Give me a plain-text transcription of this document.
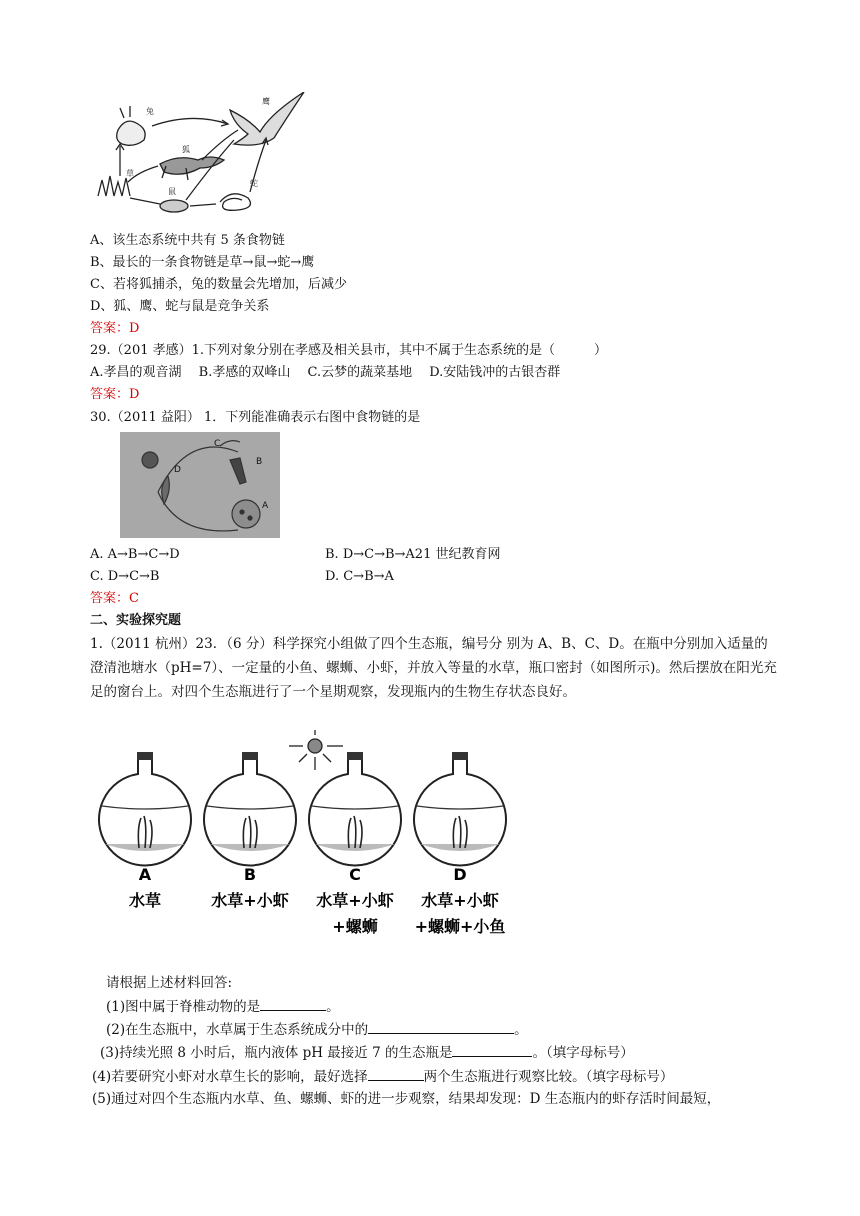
兔
鹰
狐
草
鼠
蛇
A、该生态系统中共有 5 条食物链
B、最长的一条食物链是草→鼠→蛇→鹰
C、若将狐捕杀，兔的数量会先增加，后减少
D、狐、鹰、蛇与鼠是竞争关系
答案：D
29.（201 孝感）1.下列对象分别在孝感及相关县市，其中不属于生态系统的是（　　　）
A.孝昌的观音湖　 B.孝感的双峰山　 C.云梦的蔬菜基地　 D.安陆钱冲的古银杏群
答案：D
30.（2011 益阳） 1．下列能准确表示右图中食物链的是
C
B
D
A
A. A→B→C→D	B. D→C→B→A21 世纪教育网
C. D→C→B	D. C→B→A
答案：C
二、实验探究题
1.（2011 杭州）23．（6 分）科学探究小组做了四个生态瓶，编号分 别为 A、B、C、D。在瓶中分别加入适量的澄清池塘水（pH=7）、一定量的小鱼、螺蛳、小虾，并放入等量的水草，瓶口密封（如图所示)。然后摆放在阳光充足的窗台上。对四个生态瓶进行了一个星期观察，发现瓶内的生物生存状态良好。
A
水草
B
水草+小虾
C
水草+小虾
+螺蛳
D
水草+小虾
+螺蛳+小鱼
请根据上述材料回答:
(1)图中属于脊椎动物的是	。
(2)在生态瓶中，水草属于生态系统成分中的	。
(3)持续光照 8 小时后，瓶内液体 pH 最接近 7 的生态瓶是	。（填字母标号）
(4)若要研究小虾对水草生长的影响，最好选择	两个生态瓶进行观察比较。（填字母标号）
(5)通过对四个生态瓶内水草、鱼、螺蛳、虾的进一步观察，结果却发现：D 生态瓶内的虾存活时间最短，
